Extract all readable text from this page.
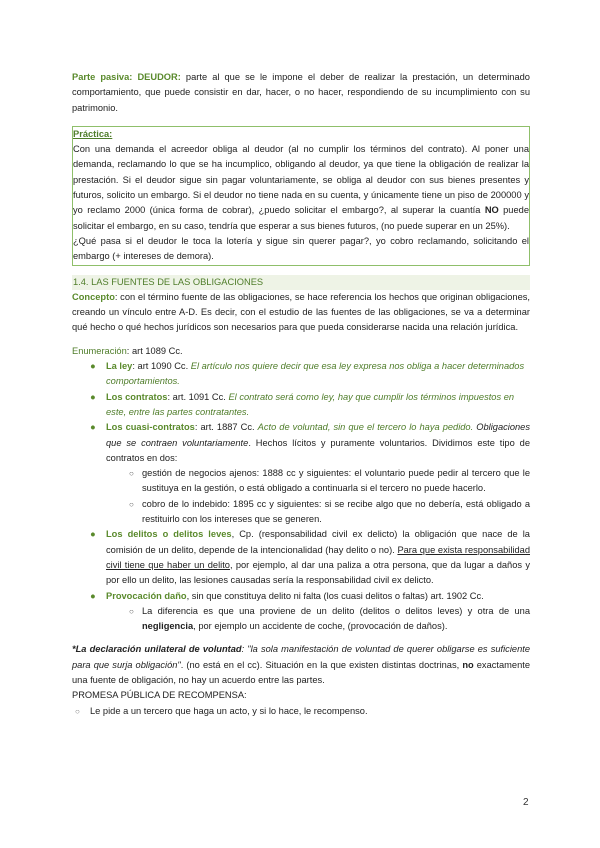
Parte pasiva: DEUDOR: parte al que se le impone el deber de realizar la prestación, un determinado comportamiento, que puede consistir en dar, hacer, o no hacer, respondiendo de su incumplimiento con su patrimonio.

Práctica:

Con una demanda el acreedor obliga al deudor (al no cumplir los términos del contrato). Al poner una demanda, reclamando lo que se ha incumplico, obligando al deudor, ya que tiene la obligación de realizar la prestación. Si el deudor sigue sin pagar voluntariamente, se obliga al deudor con sus bienes presentes y futuros, solicito un embargo. Si el deudor no tiene nada en su cuenta, y únicamente tiene un piso de 200000 y yo reclamo 2000 (única forma de cobrar), ¿puedo solicitar el embargo?, al superar la cuantía NO puede solicitar el embargo, en su caso, tendría que esperar a sus bienes futuros, (no puede superar en un 25%).

¿Qué pasa si el deudor le toca la lotería y sigue sin querer pagar?, yo cobro reclamando, solicitando el embargo (+ intereses de demora).

1.4. LAS FUENTES DE LAS OBLIGACIONES

Concepto: con el término fuente de las obligaciones, se hace referencia los hechos que originan obligaciones, creando un vínculo entre A-D. Es decir, con el estudio de las fuentes de las obligaciones, se va a determinar qué hecho o qué hechos jurídicos son necesarios para que pueda considerarse nacida una relación jurídica.

Enumeración: art 1089 Cc.

● La ley: art 1090 Cc. El artículo nos quiere decir que esa ley expresa nos obliga a hacer determinados comportamientos.
● Los contratos: art. 1091 Cc. El contrato será como ley, hay que cumplir los términos impuestos en este, entre las partes contratantes.
● Los cuasi-contratos: art. 1887 Cc. Acto de voluntad, sin que el tercero lo haya pedido. Obligaciones que se contraen voluntariamente. Hechos lícitos y puramente voluntarios. Dividimos este tipo de contratos en dos:
○ gestión de negocios ajenos: 1888 cc y siguientes: el voluntario puede pedir al tercero que le sustituya en la gestión, o está obligado a continuarla si el tercero no puede hacerlo.
○ cobro de lo indebido: 1895 cc y siguientes: si se recibe algo que no debería, está obligado a restituirlo con los intereses que se generen.
● Los delitos o delitos leves, Cp. (responsabilidad civil ex delicto) la obligación que nace de la comisión de un delito, depende de la intencionalidad (hay delito o no). Para que exista responsabilidad civil tiene que haber un delito, por ejemplo, al dar una paliza a otra persona, que da lugar a daños y por ello un delito, las lesiones causadas sería la responsabilidad civil ex delicto.
● Provocación daño, sin que constituya delito ni falta (los cuasi delitos o faltas) art. 1902 Cc.
○ La diferencia es que una proviene de un delito (delitos o delitos leves) y otra de una negligencia, por ejemplo un accidente de coche, (provocación de daños).

*La declaración unilateral de voluntad: "la sola manifestación de voluntad de querer obligarse es suficiente para que surja obligación". (no está en el cc). Situación en la que existen distintas doctrinas, no exactamente una fuente de obligación, no hay un acuerdo entre las partes.

PROMESA PÚBLICA DE RECOMPENSA:

○ Le pide a un tercero que haga un acto, y si lo hace, le recompenso.
2
